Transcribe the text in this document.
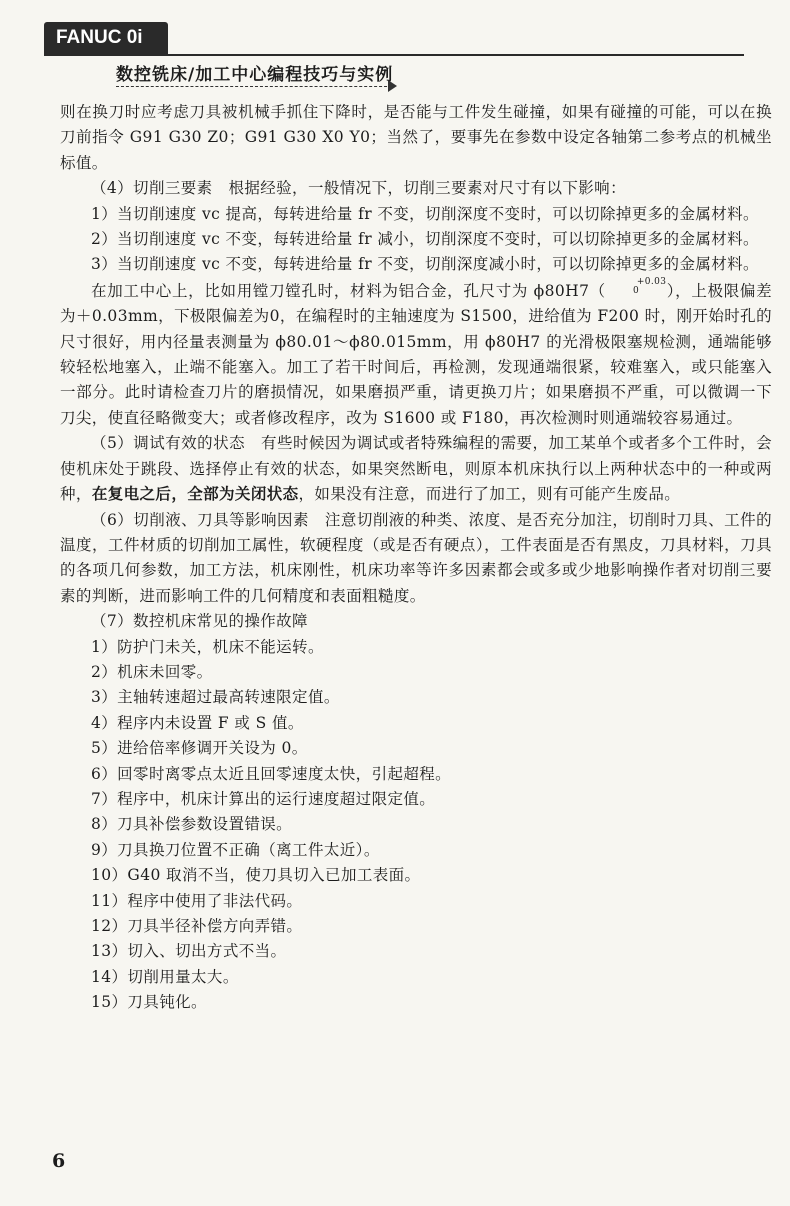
FANUC 0i
数控铣床/加工中心编程技巧与实例

则在换刀时应考虑刀具被机械手抓住下降时，是否能与工件发生碰撞，如果有碰撞的可能，可以在换刀前指令 G91 G30 Z0；G91 G30 X0 Y0；当然了，要事先在参数中设定各轴第二参考点的机械坐标值。

（4）切削三要素　根据经验，一般情况下，切削三要素对尺寸有以下影响：

1）当切削速度 vc 提高，每转进给量 fr 不变，切削深度不变时，可以切除掉更多的金属材料。

2）当切削速度 vc 不变，每转进给量 fr 减小，切削深度不变时，可以切除掉更多的金属材料。

3）当切削速度 vc 不变，每转进给量 fr 不变，切削深度减小时，可以切除掉更多的金属材料。

在加工中心上，比如用镗刀镗孔时，材料为铝合金，孔尺寸为 ϕ80H7（	+0.03
0 ），上极限偏差为＋0.03mm，下极限偏差为0，在编程时的主轴速度为 S1500，进给值为 F200 时，刚开始时孔的尺寸很好，用内径量表测量为 ϕ80.01～ϕ80.015mm，用 ϕ80H7 的光滑极限塞规检测，通端能够较轻松地塞入，止端不能塞入。加工了若干时间后，再检测，发现通端很紧，较难塞入，或只能塞入一部分。此时请检查刀片的磨损情况，如果磨损严重，请更换刀片；如果磨损不严重，可以微调一下刀尖，使直径略微变大；或者修改程序，改为 S1600 或 F180，再次检测时则通端较容易通过。

（5）调试有效的状态　有些时候因为调试或者特殊编程的需要，加工某单个或者多个工件时，会使机床处于跳段、选择停止有效的状态，如果突然断电，则原本机床执行以上两种状态中的一种或两种，在复电之后，全部为关闭状态，如果没有注意，而进行了加工，则有可能产生废品。

（6）切削液、刀具等影响因素　注意切削液的种类、浓度、是否充分加注，切削时刀具、工件的温度，工件材质的切削加工属性，软硬程度（或是否有硬点），工件表面是否有黑皮，刀具材料，刀具的各项几何参数，加工方法，机床刚性，机床功率等许多因素都会或多或少地影响操作者对切削三要素的判断，进而影响工件的几何精度和表面粗糙度。

（7）数控机床常见的操作故障

1）防护门未关，机床不能运转。

2）机床未回零。

3）主轴转速超过最高转速限定值。

4）程序内未设置 F 或 S 值。

5）进给倍率修调开关设为 0。

6）回零时离零点太近且回零速度太快，引起超程。

7）程序中，机床计算出的运行速度超过限定值。

8）刀具补偿参数设置错误。

9）刀具换刀位置不正确（离工件太近）。

10）G40 取消不当，使刀具切入已加工表面。

11）程序中使用了非法代码。

12）刀具半径补偿方向弄错。

13）切入、切出方式不当。

14）切削用量太大。

15）刀具钝化。

6
